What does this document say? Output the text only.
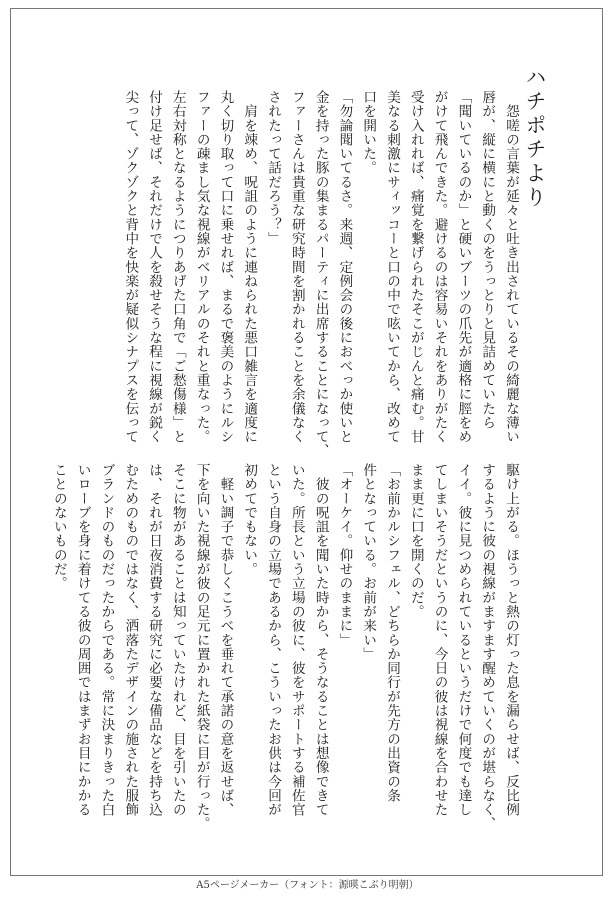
ハチポチより

　怨嗟の言葉が延々と吐き出されているその綺麗な薄い

唇が、縦に横にと動くのをうっとりと見詰めていたら

「聞いているのか」と硬いブーツの爪先が適格に脛をめ

がけて飛んできた。避けるのは容易いそれをありがたく

受け入れれば、痛覚を繋げられたそこがじんと痛む。甘

美なる刺激にサィッコーと口の中で呟いてから、改めて

口を開いた。

「勿論聞いてるさ。来週、定例会の後におべっか使いと

金を持った豚の集まるパーティに出席することになって、

ファーさんは貴重な研究時間を割かれることを余儀なく

されたって話だろう？」

　肩を竦め、呪詛のように連ねられた悪口雑言を適度に

丸く切り取って口に乗せれば、まるで褒美のようにルシ

ファーの疎まし気な視線がベリアルのそれと重なった。

左右対称となるようにつりあげた口角で「ご愁傷様」と

付け足せば、それだけで人を殺せそうな程に視線が鋭く

尖って、ゾクゾクと背中を快楽が疑似シナプスを伝って

駆け上がる。ほうっと熱の灯った息を漏らせば、反比例

するように彼の視線がますます醒めていくのが堪らなく、

イイ。彼に見つめられているというだけで何度でも達し

てしまいそうだというのに、今日の彼は視線を合わせた

まま更に口を開くのだ。

「お前かルシフェル、どちらか同行が先方の出資の条

件となっている。お前が来い」

「オーケイ。仰せのままに」

　彼の呪詛を聞いた時から、そうなることは想像できて

いた。所長という立場の彼に、彼をサポートする補佐官

という自身の立場であるから、こういったお供は今回が

初めてでもない。

　軽い調子で恭しくこうべを垂れて承諾の意を返せば、

下を向いた視線が彼の足元に置かれた紙袋に目が行った。

そこに物があることは知っていたけれど、目を引いたの

は、それが日夜消費する研究に必要な備品などを持ち込

むためのものではなく、洒落たデザインの施された服飾

ブランドのものだったからである。常に決まりきった白

いローブを身に着けてる彼の周囲ではまずお目にかかる

ことのないものだ。

A5ページメーカー（フォント：源暎こぶり明朝）
